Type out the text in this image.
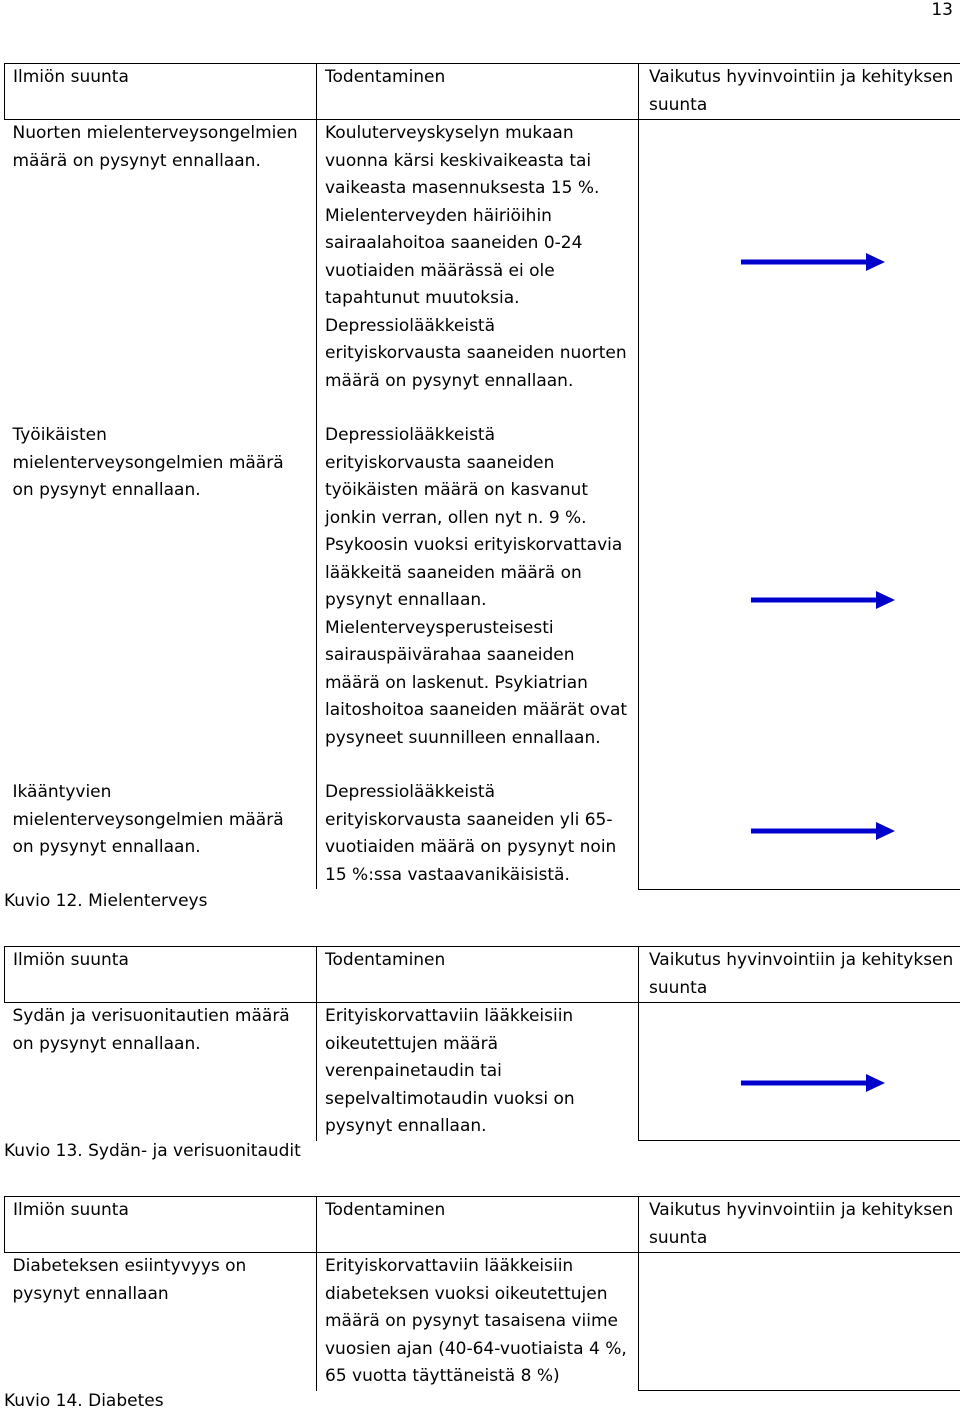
13
Ilmiön suunta	Todentaminen	Vaikutus hyvinvointiin ja kehityksen suunta
Nuorten mielenterveysongelmien määrä on pysynyt ennallaan.	Kouluterveyskyselyn mukaan vuonna kärsi keskivaikeasta tai vaikeasta masennuksesta 15 %. Mielenterveyden häiriöihin sairaalahoitoa saaneiden 0-24 vuotiaiden määrässä ei ole tapahtunut muutoksia. Depressiolääkkeistä erityiskorvausta saaneiden nuorten määrä on pysynyt ennallaan.	
Työikäisten mielenterveysongelmien määrä on pysynyt ennallaan.	Depressiolääkkeistä erityiskorvausta saaneiden työikäisten määrä on kasvanut jonkin verran, ollen nyt n. 9 %. Psykoosin vuoksi erityiskorvattavia lääkkeitä saaneiden määrä on pysynyt ennallaan. Mielenterveysperusteisesti sairauspäivärahaa saaneiden määrä on laskenut. Psykiatrian laitoshoitoa saaneiden määrät ovat pysyneet suunnilleen ennallaan.	
Ikääntyvien mielenterveysongelmien määrä on pysynyt ennallaan.	Depressiolääkkeistä erityiskorvausta saaneiden yli 65-vuotiaiden määrä on pysynyt noin 15 %:ssa vastaavanikäisistä.	
Kuvio 12. Mielenterveys
Ilmiön suunta	Todentaminen	Vaikutus hyvinvointiin ja kehityksen suunta
Sydän ja verisuonitautien määrä on pysynyt ennallaan.	Erityiskorvattaviin lääkkeisiin oikeutettujen määrä verenpainetaudin tai sepelvaltimotaudin vuoksi on pysynyt ennallaan.	
Kuvio 13. Sydän- ja verisuonitaudit
Ilmiön suunta	Todentaminen	Vaikutus hyvinvointiin ja kehityksen suunta
Diabeteksen esiintyvyys on pysynyt ennallaan	Erityiskorvattaviin lääkkeisiin diabeteksen vuoksi oikeutettujen määrä on pysynyt tasaisena viime vuosien ajan (40-64-vuotiaista 4 %, 65 vuotta täyttäneistä 8 %)	
Kuvio 14. Diabetes
